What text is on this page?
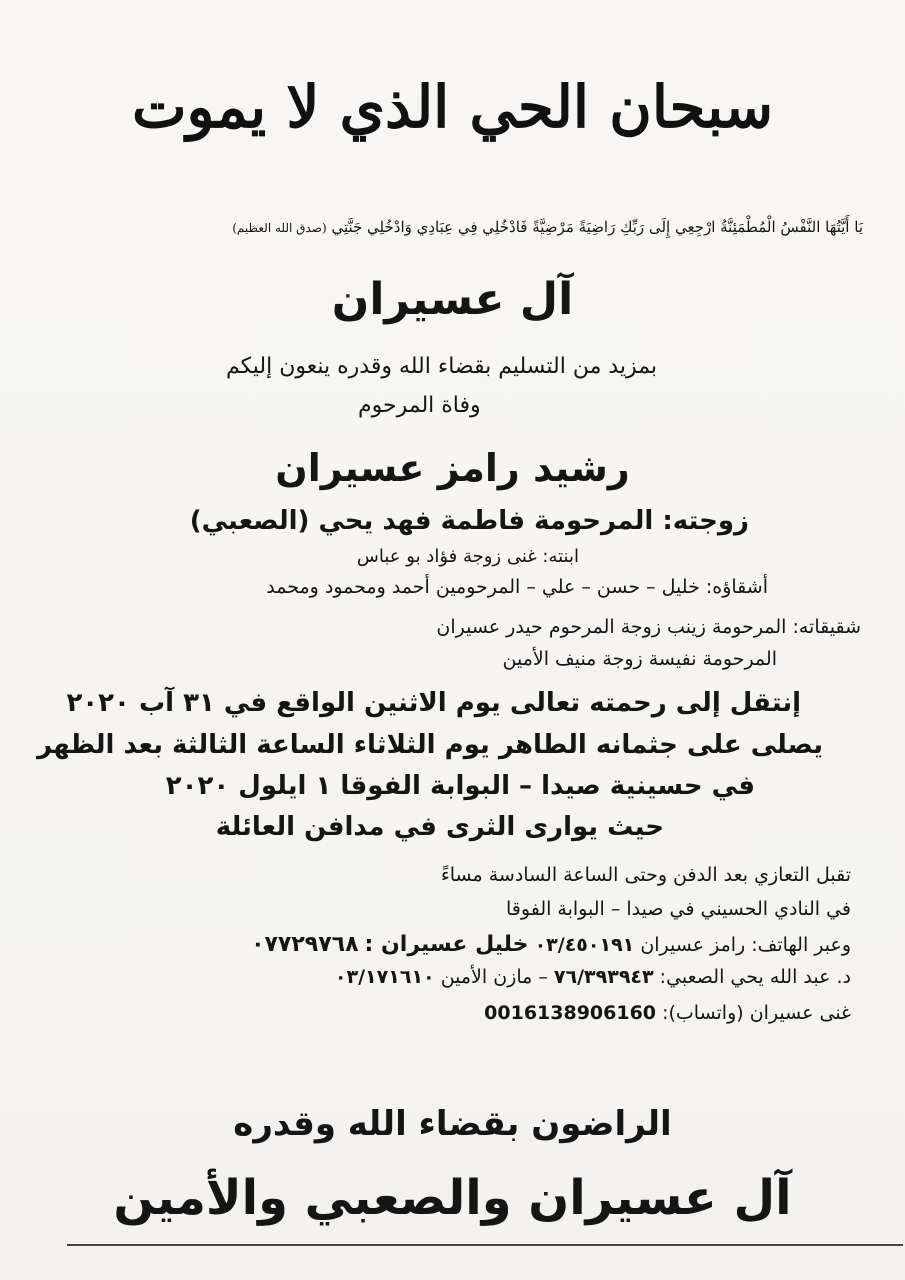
سبحان الحي الذي لا يموت
يَا أَيَّتُهَا النَّفْسُ الْمُطْمَئِنَّةُ ارْجِعِي إِلَى رَبِّكِ رَاضِيَةً مَرْضِيَّةً فَادْخُلِي فِي عِبَادِي وَادْخُلِي جَنَّتِي (صدق الله العظيم)
آل عسيران
بمزيد من التسليم بقضاء الله وقدره ينعون إليكم
وفاة المرحوم
رشيد رامز عسيران
زوجته: المرحومة فاطمة فهد يحي (الصعبي)
ابنته: غنى زوجة فؤاد بو عباس
أشقاؤه: خليل – حسن – علي – المرحومين أحمد ومحمود ومحمد
شقيقاته: المرحومة زينب زوجة المرحوم حيدر عسيران
المرحومة نفيسة زوجة منيف الأمين
إنتقل إلى رحمته تعالى يوم الاثنين الواقع في ٣١ آب ٢٠٢٠
يصلى على جثمانه الطاهر يوم الثلاثاء الساعة الثالثة بعد الظهر
في حسينية صيدا – البوابة الفوقا ١ ايلول ٢٠٢٠
حيث يوارى الثرى في مدافن العائلة
تقبل التعازي بعد الدفن وحتى الساعة السادسة مساءً
في النادي الحسيني في صيدا – البوابة الفوقا
وعبر الهاتف: رامز عسيران ٠٣/٤٥٠١٩١ خليل عسيران : ٠٧٧٢٩٧٦٨
د. عبد الله يحي الصعبي: ٧٦/٣٩٣٩٤٣ – مازن الأمين ٠٣/١٧١٦١٠
غنى عسيران (واتساب): 0016138906160
الراضون بقضاء الله وقدره
آل عسيران والصعبي والأمين
